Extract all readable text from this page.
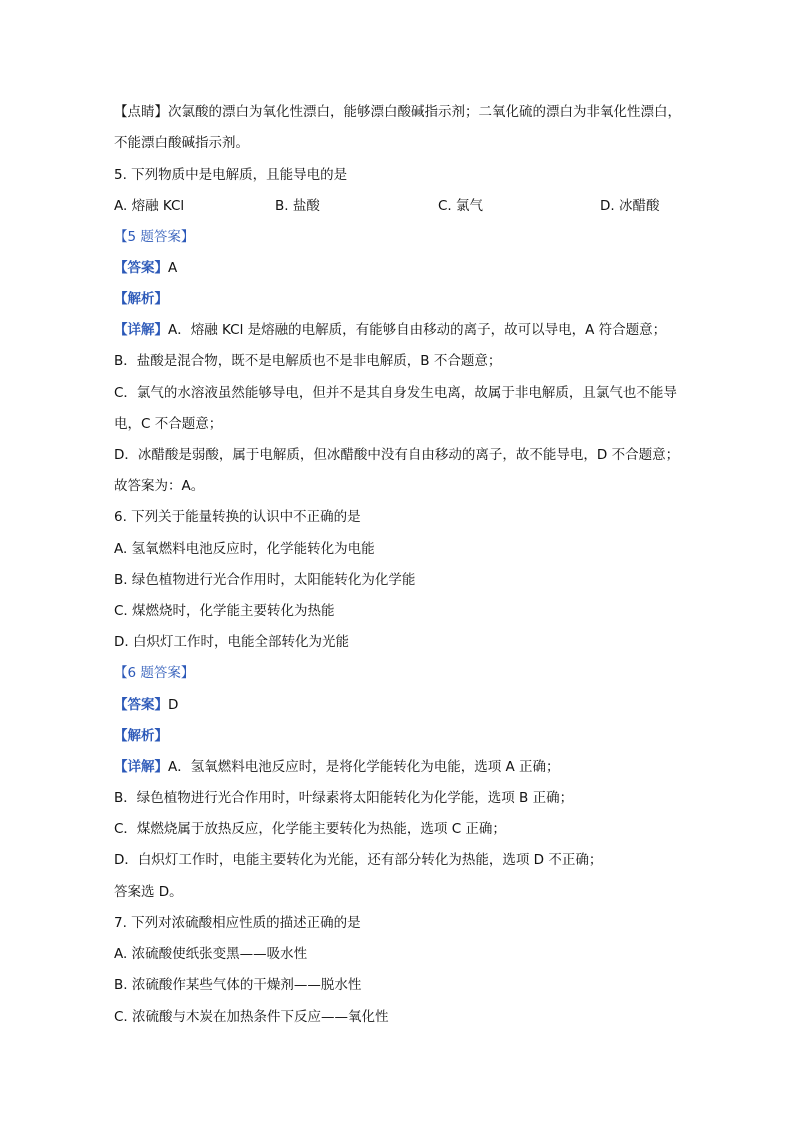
【点睛】次氯酸的漂白为氧化性漂白，能够漂白酸碱指示剂；二氧化硫的漂白为非氧化性漂白，
不能漂白酸碱指示剂。
5. 下列物质中是电解质，且能导电的是
A. 熔融 KCl	B. 盐酸	C. 氯气	D. 冰醋酸
【5 题答案】
【答案】A
【解析】
【详解】A．熔融 KCl 是熔融的电解质，有能够自由移动的离子，故可以导电，A 符合题意；
B．盐酸是混合物，既不是电解质也不是非电解质，B 不合题意；
C．氯气的水溶液虽然能够导电，但并不是其自身发生电离，故属于非电解质，且氯气也不能导
电，C 不合题意；
D．冰醋酸是弱酸，属于电解质，但冰醋酸中没有自由移动的离子，故不能导电，D 不合题意；
故答案为：A。
6. 下列关于能量转换的认识中不正确的是
A. 氢氧燃料电池反应时，化学能转化为电能
B. 绿色植物进行光合作用时，太阳能转化为化学能
C. 煤燃烧时，化学能主要转化为热能
D. 白炽灯工作时，电能全部转化为光能
【6 题答案】
【答案】D
【解析】
【详解】A．氢氧燃料电池反应时，是将化学能转化为电能，选项 A 正确；
B．绿色植物进行光合作用时，叶绿素将太阳能转化为化学能，选项 B 正确；
C．煤燃烧属于放热反应，化学能主要转化为热能，选项 C 正确；
D．白炽灯工作时，电能主要转化为光能，还有部分转化为热能，选项 D 不正确；
答案选 D。
7. 下列对浓硫酸相应性质的描述正确的是
A. 浓硫酸使纸张变黑——吸水性
B. 浓硫酸作某些气体的干燥剂——脱水性
C. 浓硫酸与木炭在加热条件下反应——氧化性
